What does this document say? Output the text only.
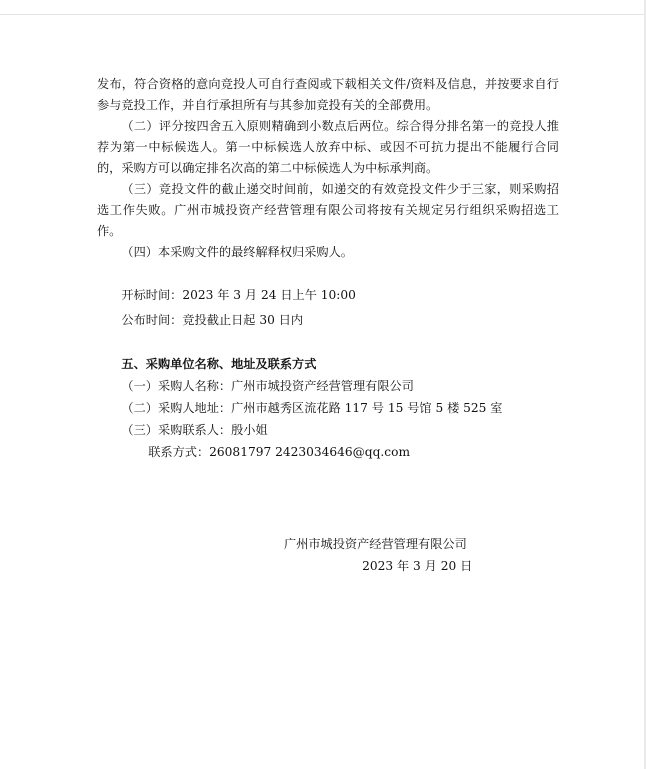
发布，符合资格的意向竞投人可自行查阅或下载相关文件/资料及信息，并按要求自行参与竞投工作，并自行承担所有与其参加竞投有关的全部费用。

（二）评分按四舍五入原则精确到小数点后两位。综合得分排名第一的竞投人推荐为第一中标候选人。第一中标候选人放弃中标、或因不可抗力提出不能履行合同的，采购方可以确定排名次高的第二中标候选人为中标承判商。

（三）竞投文件的截止递交时间前，如递交的有效竞投文件少于三家，则采购招选工作失败。广州市城投资产经营管理有限公司将按有关规定另行组织采购招选工作。

（四）本采购文件的最终解释权归采购人。

开标时间：2023 年 3 月 24 日上午 10:00

公布时间：竞投截止日起 30 日内

五、采购单位名称、地址及联系方式

（一）采购人名称：广州市城投资产经营管理有限公司

（二）采购人地址：广州市越秀区流花路 117 号 15 号馆 5 楼 525 室

（三）采购联系人：殷小姐

联系方式：26081797 2423034646@qq.com

广州市城投资产经营管理有限公司
2023 年 3 月 20 日
